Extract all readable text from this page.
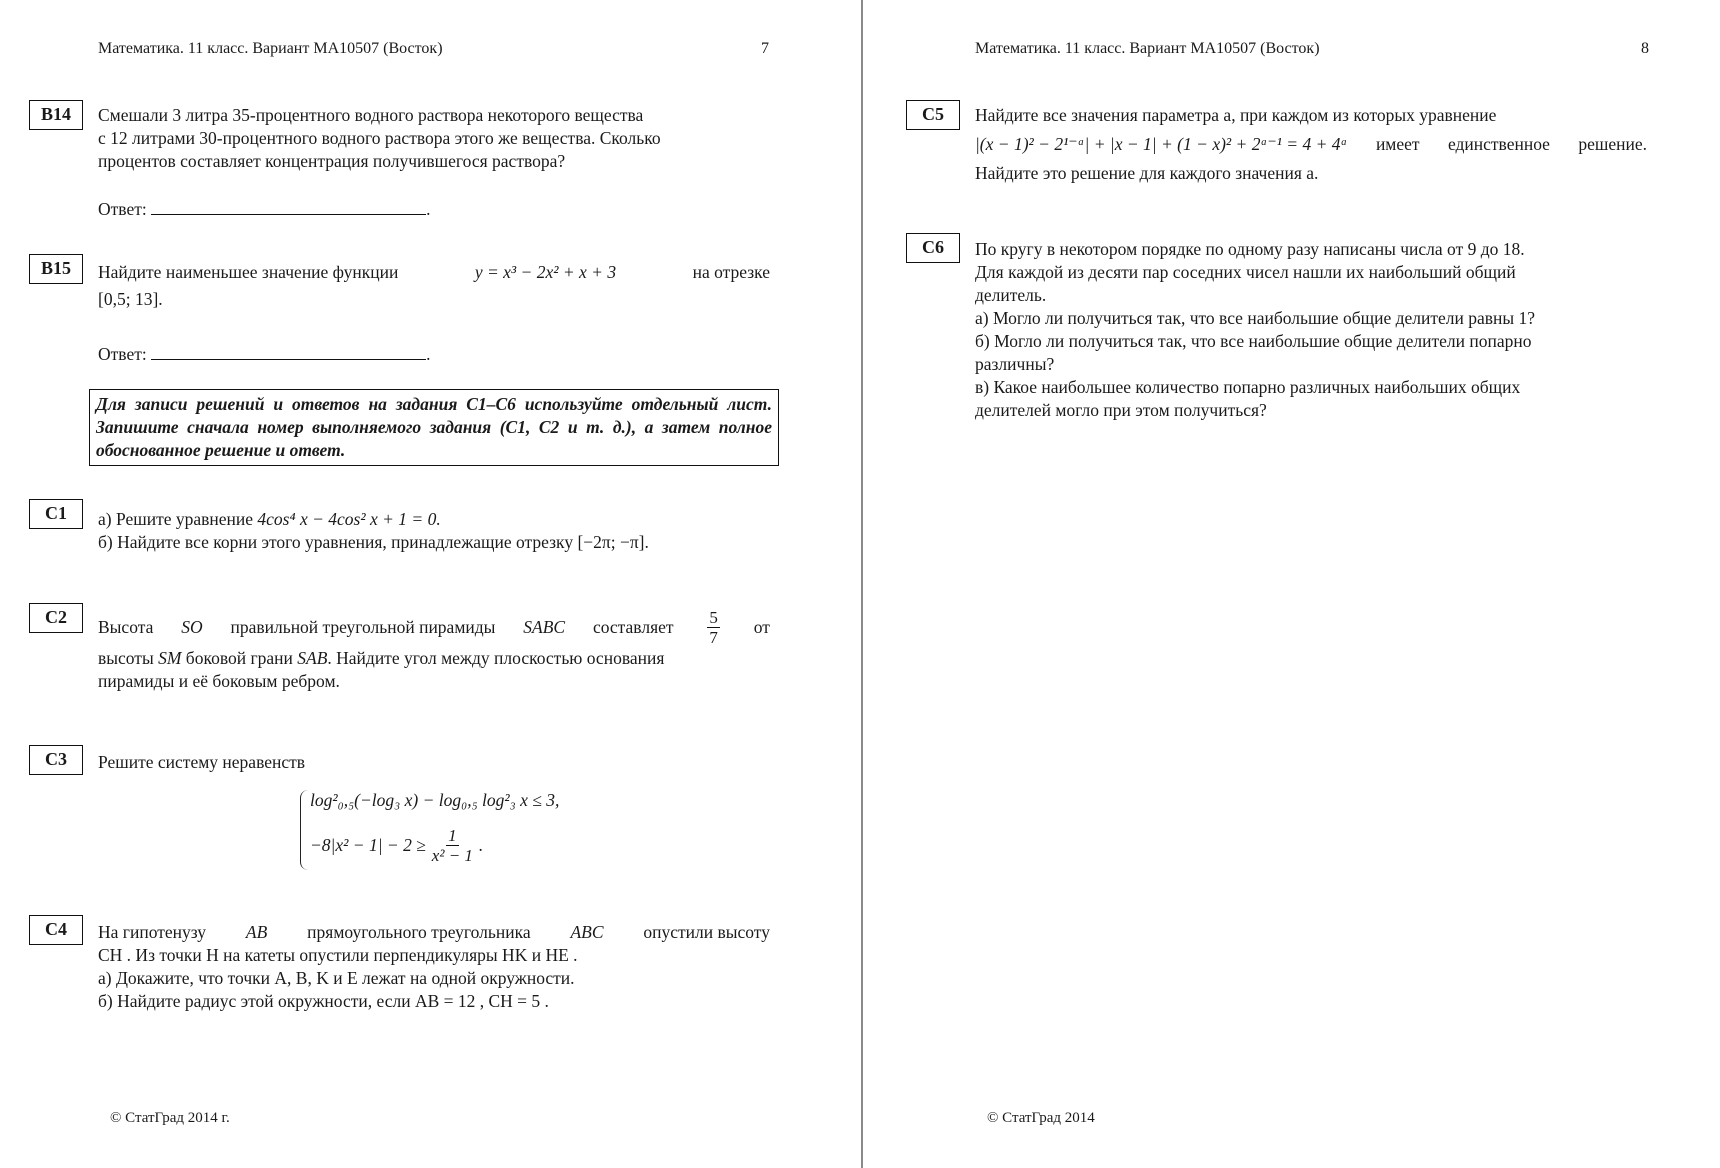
Математика. 11 класс. Вариант МА10507 (Восток)	7
B14	Смешали 3 литра 35-процентного водного раствора некоторого вещества
с 12 литрами 30-процентного водного раствора этого же вещества. Сколько
процентов составляет концентрация получившегося раствора?
Ответ:	.
B15	Найдите наименьшее значение функции	y = x³ − 2x² + x + 3	на отрезке
[0,5; 13].
Ответ:	.
Для записи решений и ответов на задания С1–С6 используйте отдельный лист. Запишите сначала номер выполняемого задания (С1, С2 и т. д.), а затем полное обоснованное решение и ответ.
C1	а) Решите уравнение 4cos⁴ x − 4cos² x + 1 = 0.
б) Найдите все корни этого уравнения, принадлежащие отрезку [−2π; −π].
C2	Высота SO правильной треугольной пирамиды SABC составляет $\frac{5}{7}$ от
высоты SM боковой грани SAB. Найдите угол между плоскостью основания
пирамиды и её боковым ребром.
C3	Решите систему неравенств
log²₀,₅(−log₃ x) − log₀,₅ log²₃ x ≤ 3,
$-8|x^2 - 1| - 2 \ge \frac{1}{\text{x² − 1}}$ .
C4	На гипотенузу AB прямоугольного треугольника ABC опустили высоту
CH . Из точки H на катеты опустили перпендикуляры HK и HE .
а) Докажите, что точки A, B, K и E лежат на одной окружности.
б) Найдите радиус этой окружности, если AB = 12 , CH = 5 .
© СтатГрад 2014 г.
Математика. 11 класс. Вариант МА10507 (Восток)	8
C5	Найдите все значения параметра a, при каждом из которых уравнение
|(x − 1)² − 2¹⁻ᵃ| + |x − 1| + (1 − x)² + 2ᵃ⁻¹ = 4 + 4ᵃ имеет единственное решение.
Найдите это решение для каждого значения a.
C6	По кругу в некотором порядке по одному разу написаны числа от 9 до 18.
Для каждой из десяти пар соседних чисел нашли их наибольший общий
делитель.
а) Могло ли получиться так, что все наибольшие общие делители равны 1?
б) Могло ли получиться так, что все наибольшие общие делители попарно
различны?
в) Какое наибольшее количество попарно различных наибольших общих
делителей могло при этом получиться?
© СтатГрад 2014
